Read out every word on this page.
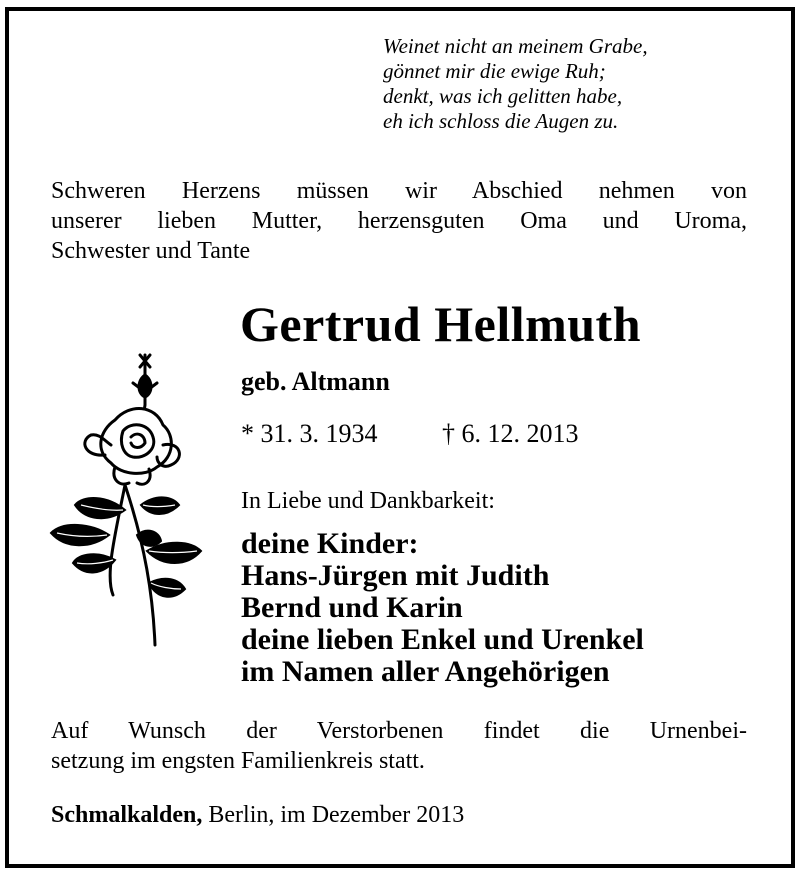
Weinet nicht an meinem Grabe,
gönnet mir die ewige Ruh;
denkt, was ich gelitten habe,
eh ich schloss die Augen zu.
Schweren Herzens müssen wir Abschied nehmen von
unserer lieben Mutter, herzensguten Oma und Uroma,
Schwester und Tante
Gertrud Hellmuth
geb. Altmann
* 31. 3. 1934 † 6. 12. 2013
In Liebe und Dankbarkeit:
deine Kinder:
Hans-Jürgen mit Judith
Bernd und Karin
deine lieben Enkel und Urenkel
im Namen aller Angehörigen
Auf Wunsch der Verstorbenen findet die Urnenbei-
setzung im engsten Familienkreis statt.
Schmalkalden, Berlin, im Dezember 2013
